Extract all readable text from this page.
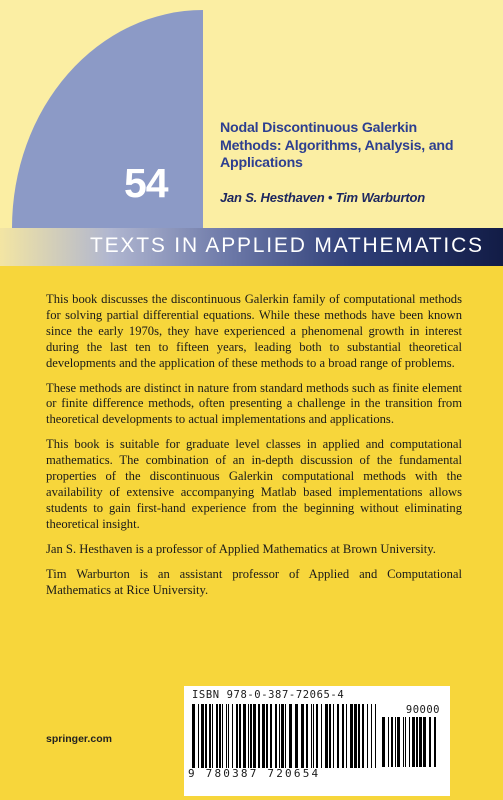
54
Nodal Discontinuous Galerkin
Methods: Algorithms, Analysis, and
Applications
Jan S. Hesthaven • Tim Warburton
TEXTS IN APPLIED MATHEMATICS

This book discusses the discontinuous Galerkin family of computational methods for solving partial differential equations. While these methods have been known since the early 1970s, they have experienced a phenomenal growth in interest during the last ten to fifteen years, leading both to substantial theoretical developments and the application of these methods to a broad range of problems.

These methods are distinct in nature from standard methods such as finite element or finite difference methods, often presenting a challenge in the transition from theoretical developments to actual implementations and applications.

This book is suitable for graduate level classes in applied and computational mathematics. The combination of an in-depth discussion of the fundamental properties of the discontinuous Galerkin computational methods with the availability of extensive accompanying Matlab based implementations allows students to gain first-hand experience from the beginning without eliminating theoretical insight.

Jan S. Hesthaven is a professor of Applied Mathematics at Brown University.

Tim Warburton is an assistant professor of Applied and Computational Mathematics at Rice University.

springer.com
ISBN 978-0-387-72065-4
90000
9 780387 720654
